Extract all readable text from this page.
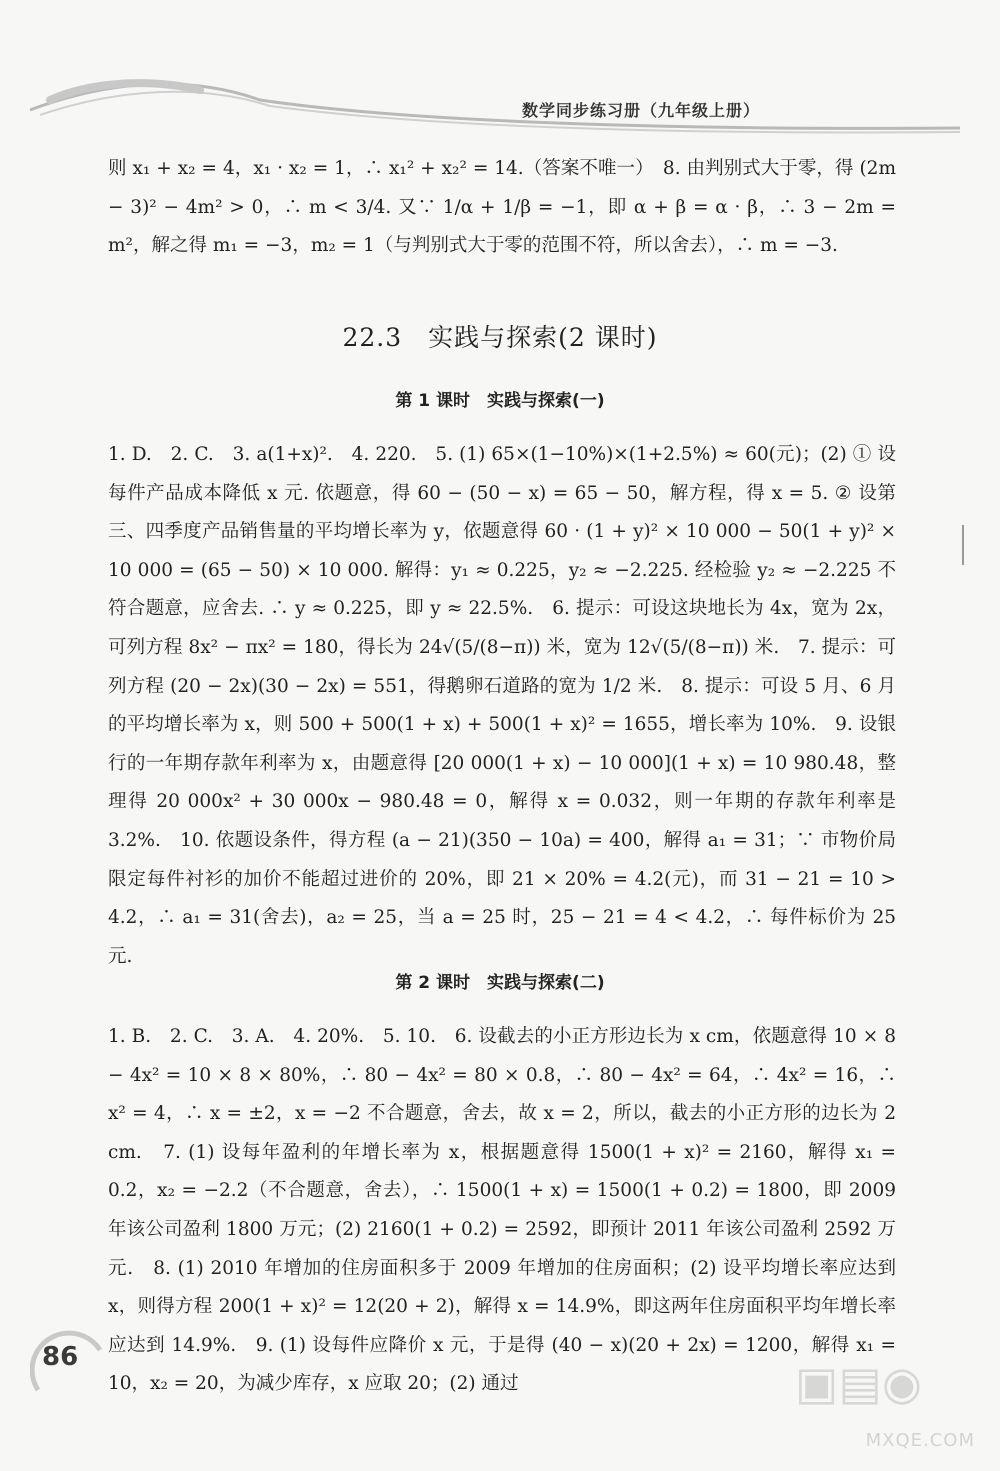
数学同步练习册（九年级上册）
则 x₁ + x₂ = 4，x₁ · x₂ = 1，∴ x₁² + x₂² = 14.（答案不唯一）　8. 由判别式大于零，得 (2m − 3)² − 4m² > 0，∴ m < 3/4. 又∵ 1/α + 1/β = −1，即 α + β = α · β，∴ 3 − 2m = m²，解之得 m₁ = −3，m₂ = 1（与判别式大于零的范围不符，所以舍去），∴ m = −3.
22.3　实践与探索(2 课时)
第 1 课时　实践与探索(一)
1. D.　2. C.　3. a(1+x)².　4. 220.　5. (1) 65×(1−10%)×(1+2.5%) ≈ 60(元)；(2) ① 设每件产品成本降低 x 元. 依题意，得 60 − (50 − x) = 65 − 50，解方程，得 x = 5. ② 设第三、四季度产品销售量的平均增长率为 y，依题意得 60 · (1 + y)² × 10 000 − 50(1 + y)² × 10 000 = (65 − 50) × 10 000. 解得：y₁ ≈ 0.225，y₂ ≈ −2.225. 经检验 y₂ ≈ −2.225 不符合题意，应舍去. ∴ y ≈ 0.225，即 y ≈ 22.5%.　6. 提示：可设这块地长为 4x，宽为 2x，可列方程 8x² − πx² = 180，得长为 24√(5/(8−π)) 米，宽为 12√(5/(8−π)) 米.　7. 提示：可列方程 (20 − 2x)(30 − 2x) = 551，得鹅卵石道路的宽为 1/2 米.　8. 提示：可设 5 月、6 月的平均增长率为 x，则 500 + 500(1 + x) + 500(1 + x)² = 1655，增长率为 10%.　9. 设银行的一年期存款年利率为 x，由题意得 [20 000(1 + x) − 10 000](1 + x) = 10 980.48，整理得 20 000x² + 30 000x − 980.48 = 0，解得 x = 0.032，则一年期的存款年利率是 3.2%.　10. 依题设条件，得方程 (a − 21)(350 − 10a) = 400，解得 a₁ = 31；∵ 市物价局限定每件衬衫的加价不能超过进价的 20%，即 21 × 20% = 4.2(元)，而 31 − 21 = 10 > 4.2，∴ a₁ = 31(舍去)，a₂ = 25，当 a = 25 时，25 − 21 = 4 < 4.2，∴ 每件标价为 25 元.
第 2 课时　实践与探索(二)
1. B.　2. C.　3. A.　4. 20%.　5. 10.　6. 设截去的小正方形边长为 x cm，依题意得 10 × 8 − 4x² = 10 × 8 × 80%，∴ 80 − 4x² = 80 × 0.8，∴ 80 − 4x² = 64，∴ 4x² = 16，∴ x² = 4，∴ x = ±2，x = −2 不合题意，舍去，故 x = 2，所以，截去的小正方形的边长为 2 cm.　7. (1) 设每年盈利的年增长率为 x，根据题意得 1500(1 + x)² = 2160，解得 x₁ = 0.2，x₂ = −2.2（不合题意，舍去），∴ 1500(1 + x) = 1500(1 + 0.2) = 1800，即 2009 年该公司盈利 1800 万元；(2) 2160(1 + 0.2) = 2592，即预计 2011 年该公司盈利 2592 万元.　8. (1) 2010 年增加的住房面积多于 2009 年增加的住房面积；(2) 设平均增长率应达到 x，则得方程 200(1 + x)² = 12(20 + 2)，解得 x = 14.9%，即这两年住房面积平均年增长率应达到 14.9%.　9. (1) 设每件应降价 x 元，于是得 (40 − x)(20 + 2x) = 1200，解得 x₁ = 10，x₂ = 20，为减少库存，x 应取 20；(2) 通过
86	▣▤◉
MXQE.COM
